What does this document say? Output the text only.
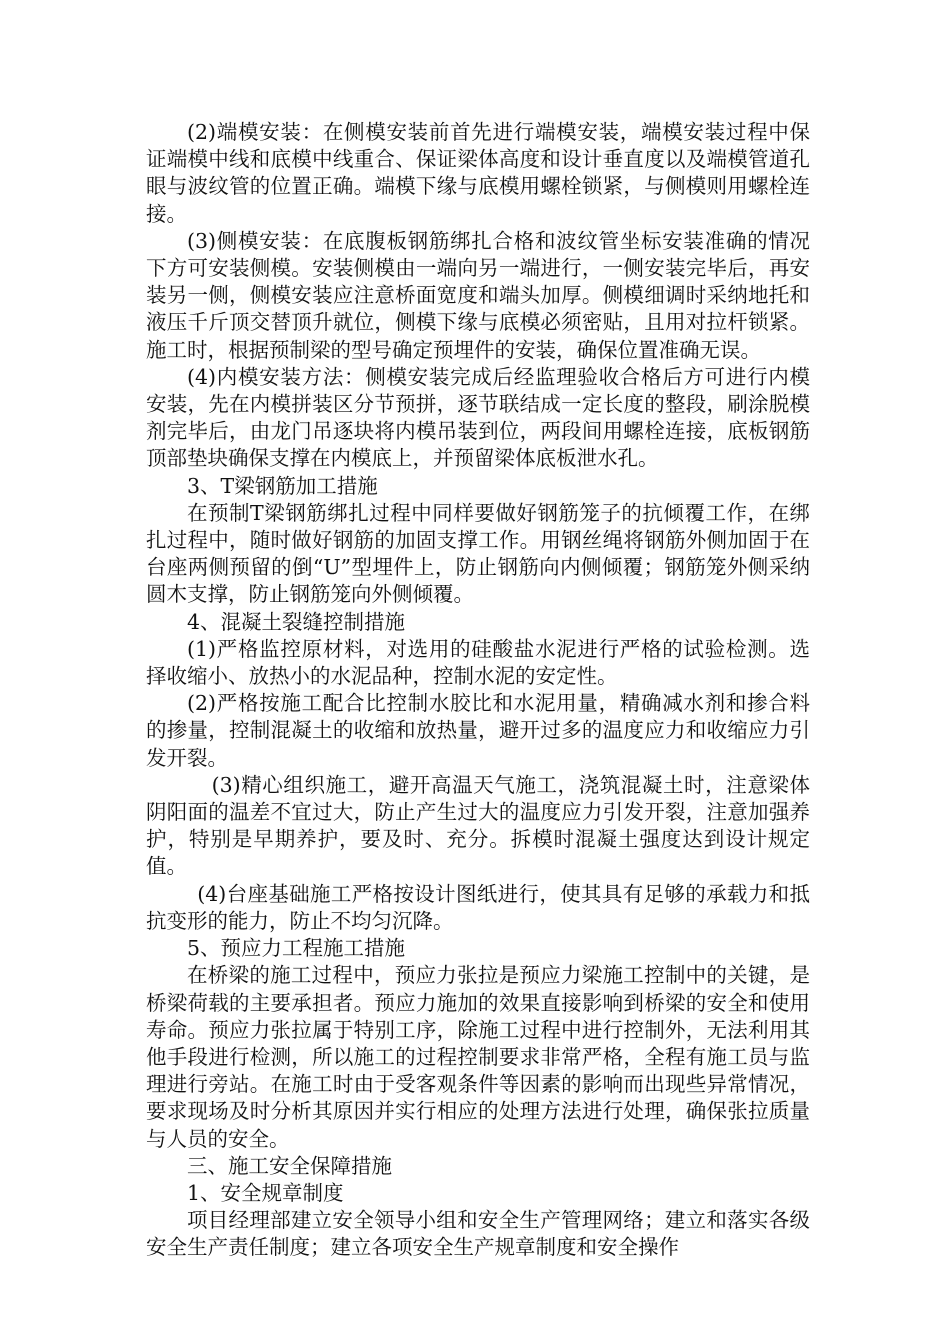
(2)端模安装：在侧模安装前首先进行端模安装，端模安装过程中保证端模中线和底模中线重合、保证梁体高度和设计垂直度以及端模管道孔眼与波纹管的位置正确。端模下缘与底模用螺栓锁紧，与侧模则用螺栓连接。

(3)侧模安装：在底腹板钢筋绑扎合格和波纹管坐标安装准确的情况下方可安装侧模。安装侧模由一端向另一端进行，一侧安装完毕后，再安装另一侧，侧模安装应注意桥面宽度和端头加厚。侧模细调时采纳地托和液压千斤顶交替顶升就位，侧模下缘与底模必须密贴，且用对拉杆锁紧。施工时，根据预制梁的型号确定预埋件的安装，确保位置准确无误。

(4)内模安装方法：侧模安装完成后经监理验收合格后方可进行内模安装，先在内模拼装区分节预拼，逐节联结成一定长度的整段，刷涂脱模剂完毕后，由龙门吊逐块将内模吊装到位，两段间用螺栓连接，底板钢筋顶部垫块确保支撑在内模底上，并预留梁体底板泄水孔。

3、T梁钢筋加工措施

在预制T梁钢筋绑扎过程中同样要做好钢筋笼子的抗倾覆工作，在绑扎过程中，随时做好钢筋的加固支撑工作。用钢丝绳将钢筋外侧加固于在台座两侧预留的倒“U”型埋件上，防止钢筋向内侧倾覆；钢筋笼外侧采纳圆木支撑，防止钢筋笼向外侧倾覆。

4、混凝土裂缝控制措施

(1)严格监控原材料，对选用的硅酸盐水泥进行严格的试验检测。选择收缩小、放热小的水泥品种，控制水泥的安定性。

(2)严格按施工配合比控制水胶比和水泥用量，精确减水剂和掺合料的掺量，控制混凝土的收缩和放热量，避开过多的温度应力和收缩应力引发开裂。

(3)精心组织施工，避开高温天气施工，浇筑混凝土时，注意梁体阴阳面的温差不宜过大，防止产生过大的温度应力引发开裂，注意加强养护，特别是早期养护，要及时、充分。拆模时混凝土强度达到设计规定值。

(4)台座基础施工严格按设计图纸进行，使其具有足够的承载力和抵抗变形的能力，防止不均匀沉降。

5、预应力工程施工措施

在桥梁的施工过程中，预应力张拉是预应力梁施工控制中的关键，是桥梁荷载的主要承担者。预应力施加的效果直接影响到桥梁的安全和使用寿命。预应力张拉属于特别工序，除施工过程中进行控制外，无法利用其他手段进行检测，所以施工的过程控制要求非常严格，全程有施工员与监理进行旁站。在施工时由于受客观条件等因素的影响而出现些异常情况，要求现场及时分析其原因并实行相应的处理方法进行处理，确保张拉质量与人员的安全。

三、施工安全保障措施

1、安全规章制度

项目经理部建立安全领导小组和安全生产管理网络；建立和落实各级安全生产责任制度；建立各项安全生产规章制度和安全操作
